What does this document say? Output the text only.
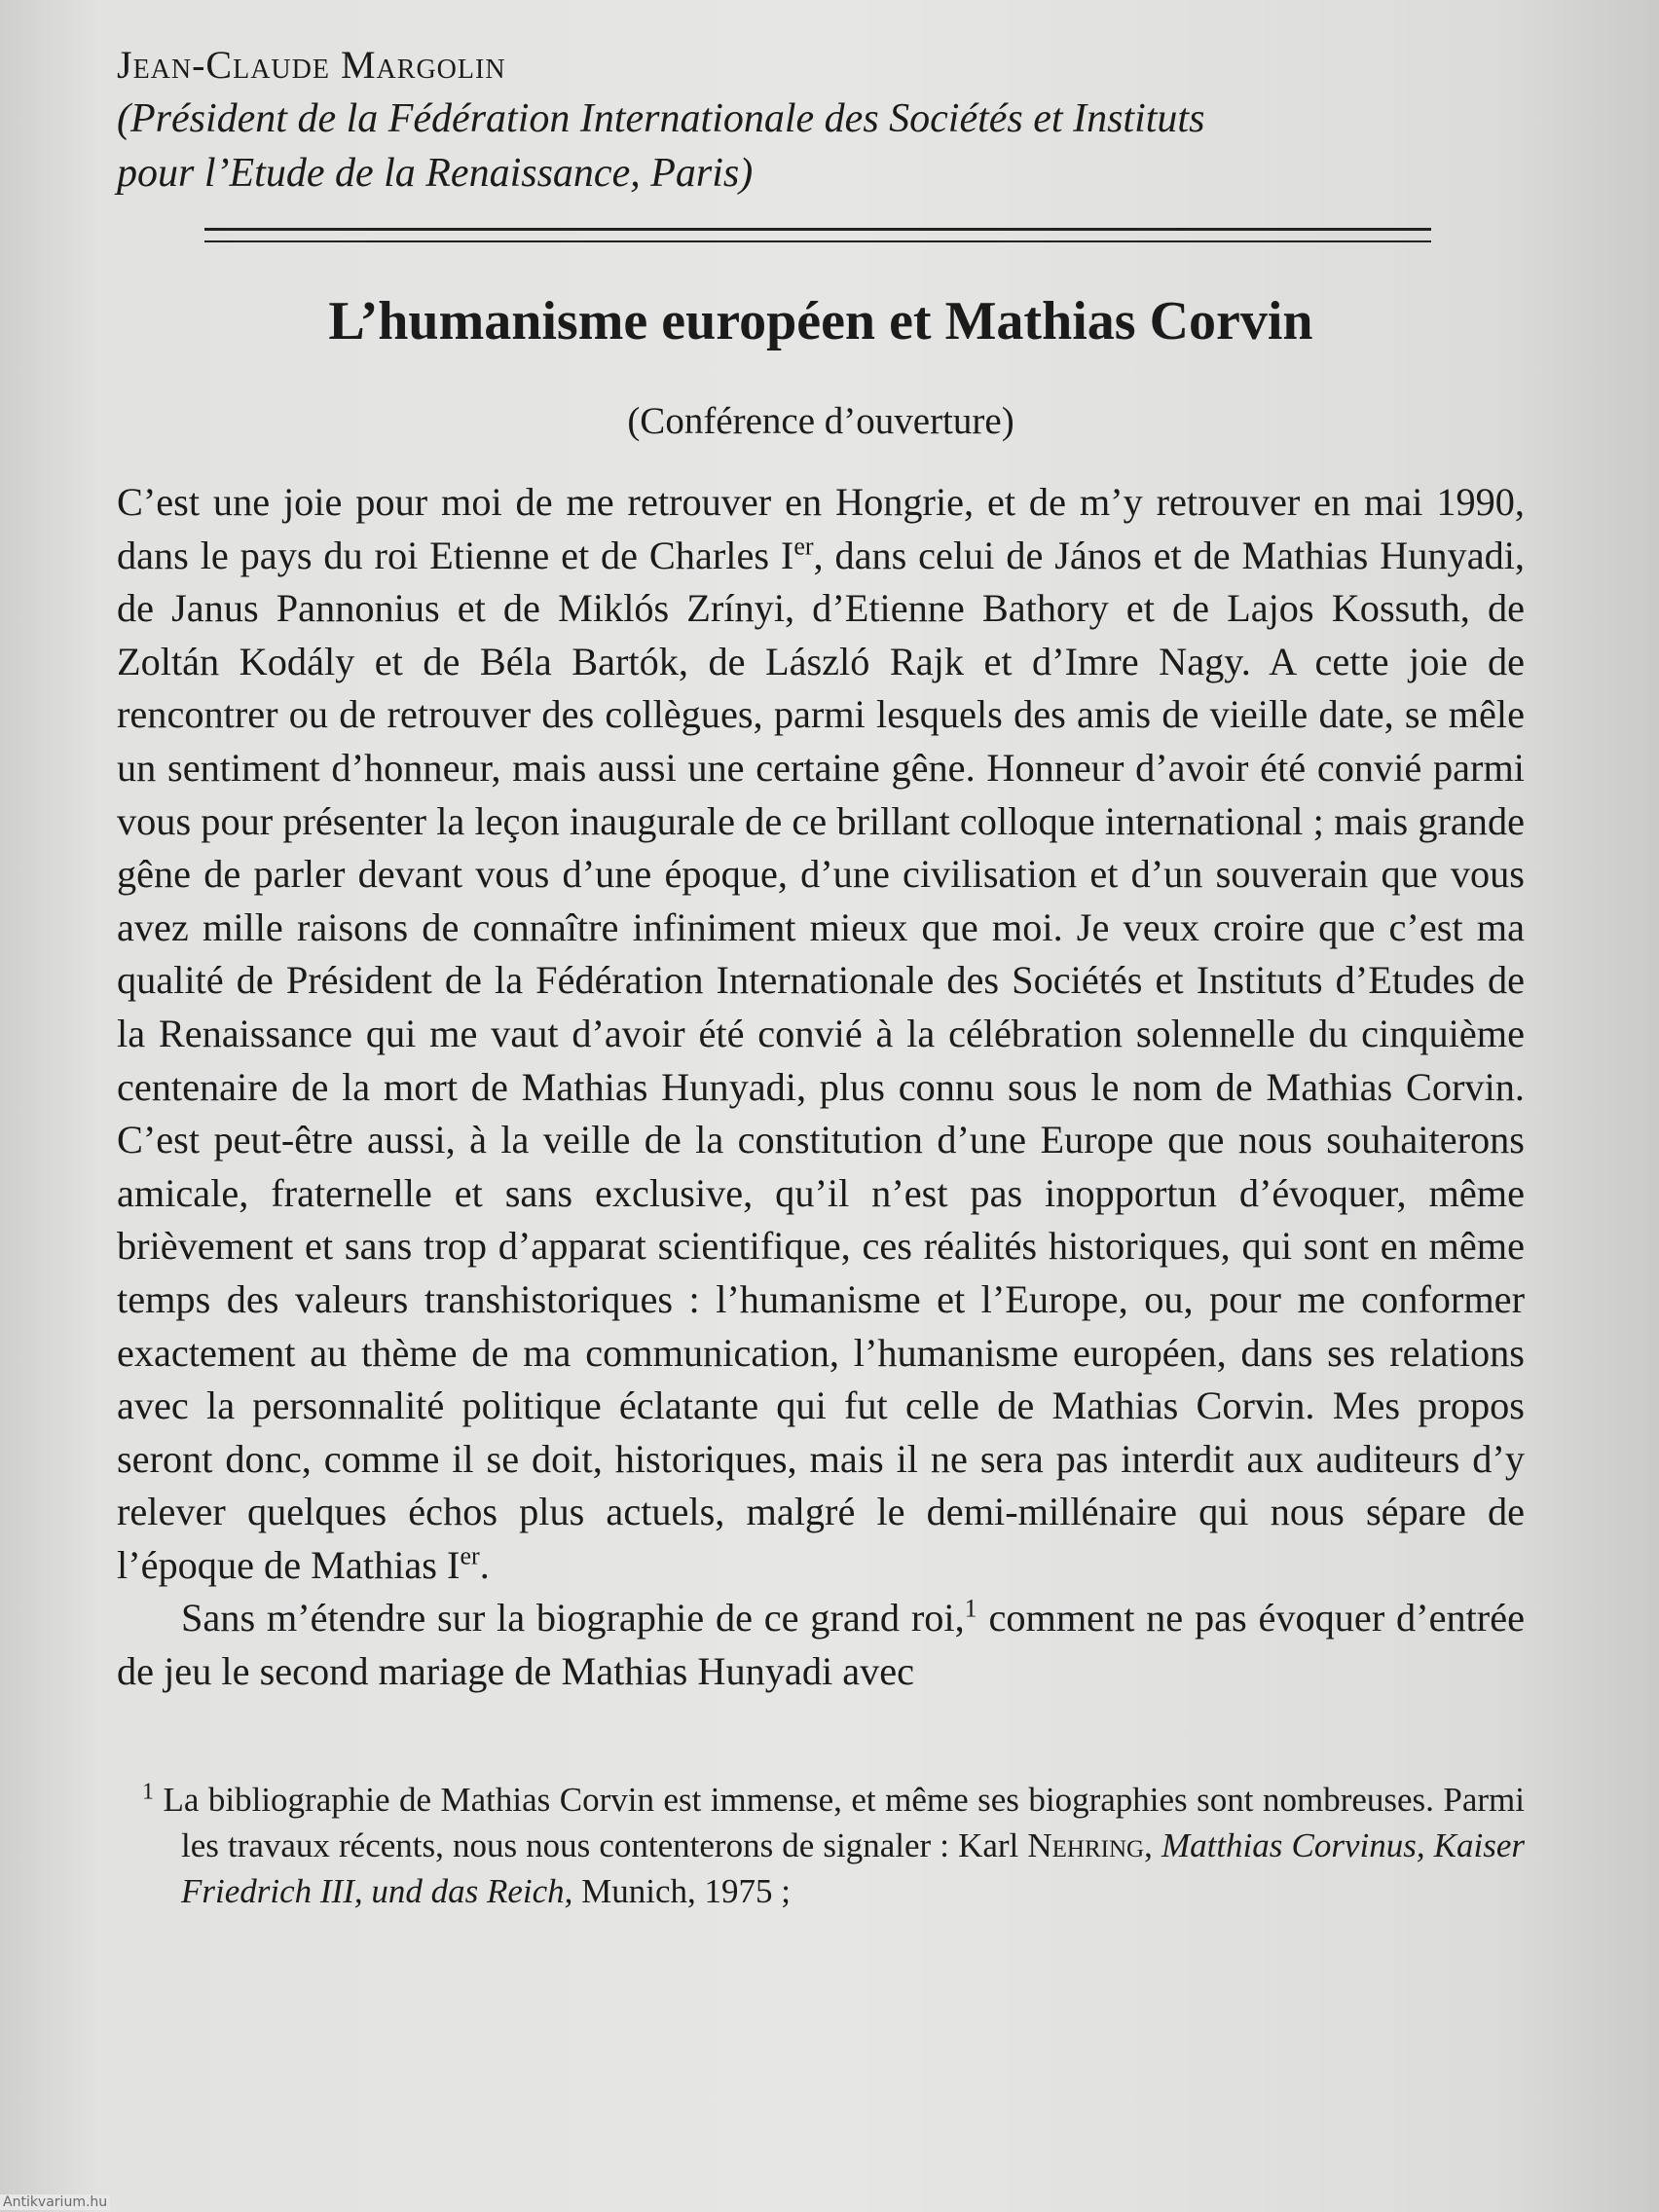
Jean-Claude Margolin

(Président de la Fédération Internationale des Sociétés et Instituts

pour l’Etude de la Renaissance, Paris)

L’humanisme européen et Mathias Corvin

(Conférence d’ouverture)

C’est une joie pour moi de me retrouver en Hongrie, et de m’y retrouver en mai 1990, dans le pays du roi Etienne et de Charles Ier, dans celui de János et de Mathias Hunyadi, de Janus Pannonius et de Miklós Zrínyi, d’Etienne Bathory et de Lajos Kossuth, de Zoltán Kodály et de Béla Bartók, de László Rajk et d’Imre Nagy. A cette joie de rencontrer ou de retrouver des collègues, parmi lesquels des amis de vieille date, se mêle un sentiment d’honneur, mais aussi une certaine gêne. Honneur d’avoir été convié parmi vous pour présenter la leçon inaugurale de ce brillant colloque international ; mais grande gêne de parler devant vous d’une époque, d’une civilisation et d’un souverain que vous avez mille raisons de connaître infiniment mieux que moi. Je veux croire que c’est ma qualité de Président de la Fédération Internationale des Sociétés et Instituts d’Etudes de la Renaissance qui me vaut d’avoir été convié à la célébration solennelle du cinquième centenaire de la mort de Mathias Hunyadi, plus connu sous le nom de Mathias Corvin. C’est peut-être aussi, à la veille de la constitution d’une Europe que nous souhaiterons amicale, fraternelle et sans exclusive, qu’il n’est pas inopportun d’évoquer, même brièvement et sans trop d’apparat scientifique, ces réalités historiques, qui sont en même temps des valeurs transhistoriques : l’humanisme et l’Europe, ou, pour me conformer exactement au thème de ma communication, l’humanisme européen, dans ses relations avec la personnalité politique éclatante qui fut celle de Mathias Corvin. Mes propos seront donc, comme il se doit, historiques, mais il ne sera pas interdit aux auditeurs d’y relever quelques échos plus actuels, malgré le demi-millénaire qui nous sépare de l’époque de Mathias Ier.

Sans m’étendre sur la biographie de ce grand roi,$^1$ comment ne pas évoquer d’entrée de jeu le second mariage de Mathias Hunyadi avec

$^1$ La bibliographie de Mathias Corvin est immense, et même ses biographies sont nombreuses. Parmi les travaux récents, nous nous contenterons de signaler : Karl Nehring, Matthias Corvinus, Kaiser Friedrich III, und das Reich, Munich, 1975 ;
Antikvarium.hu
